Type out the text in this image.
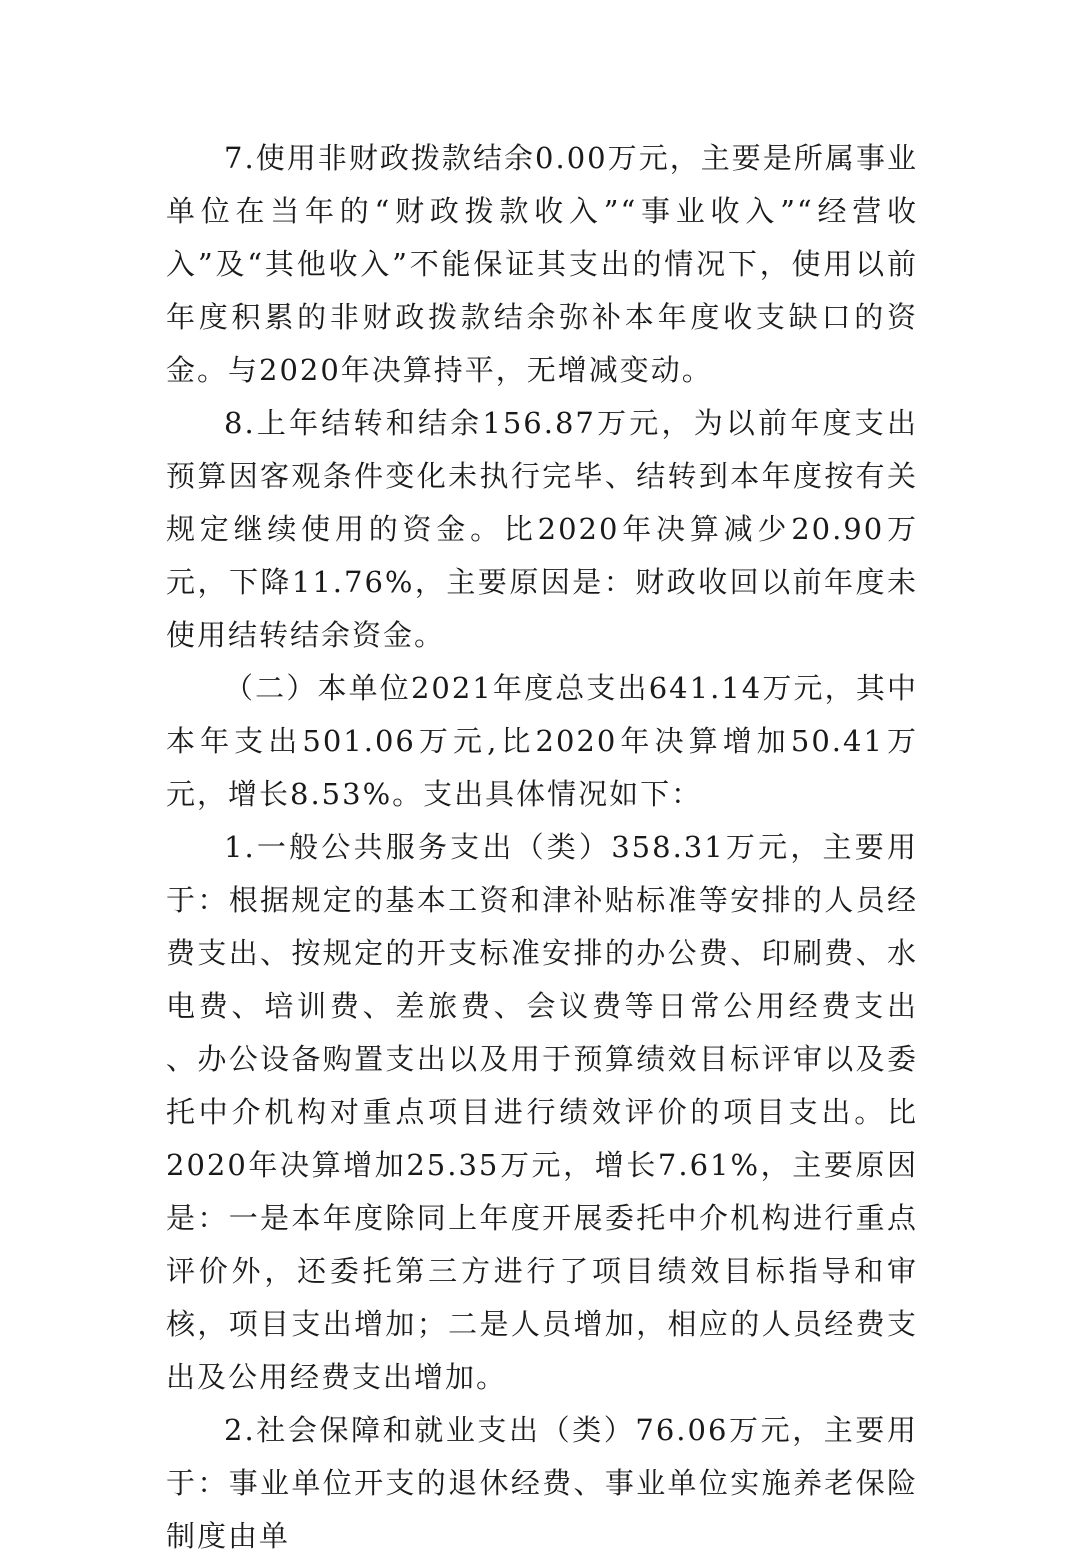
7.使用非财政拨款结余0.00万元，主要是所属事业单位在当年的“财政拨款收入”“事业收入”“经营收入”及“其他收入”不能保证其支出的情况下，使用以前年度积累的非财政拨款结余弥补本年度收支缺口的资金。与2020年决算持平，无增减变动。

8.上年结转和结余156.87万元，为以前年度支出预算因客观条件变化未执行完毕、结转到本年度按有关规定继续使用的资金。比2020年决算减少20.90万元，下降11.76%，主要原因是：财政收回以前年度未使用结转结余资金。

（二）本单位2021年度总支出641.14万元，其中本年支出501.06万元,比2020年决算增加50.41万元，增长8.53%。支出具体情况如下：

1.一般公共服务支出（类）358.31万元，主要用于：根据规定的基本工资和津补贴标准等安排的人员经费支出、按规定的开支标准安排的办公费、印刷费、水电费、培训费、差旅费、会议费等日常公用经费支出 、办公设备购置支出以及用于预算绩效目标评审以及委托中介机构对重点项目进行绩效评价的项目支出。比2020年决算增加25.35万元，增长7.61%，主要原因是：一是本年度除同上年度开展委托中介机构进行重点评价外，还委托第三方进行了项目绩效目标指导和审核，项目支出增加；二是人员增加，相应的人员经费支出及公用经费支出增加。

2.社会保障和就业支出（类）76.06万元，主要用于：事业单位开支的退休经费、事业单位实施养老保险制度由单
